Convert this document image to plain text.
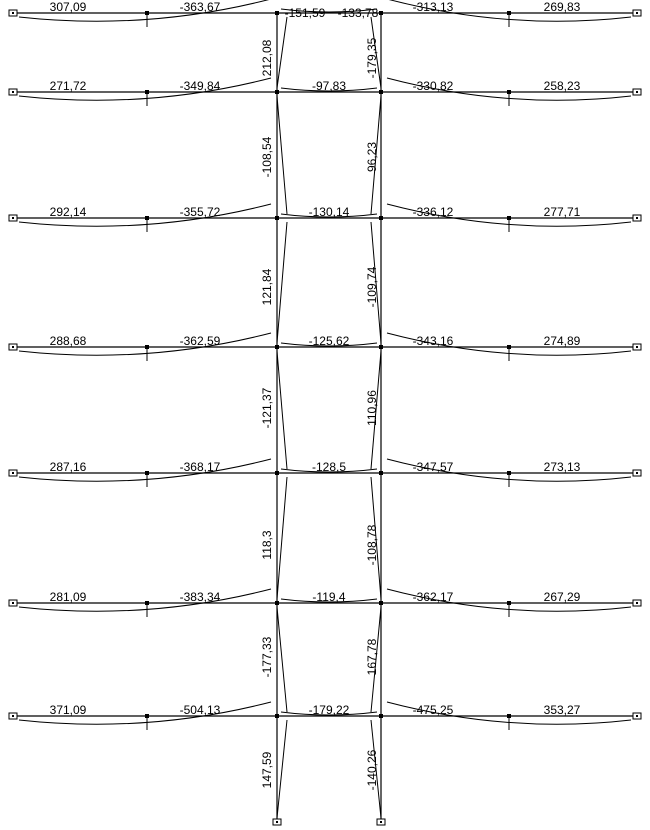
307,09	-363,67	-151,59 -133,78	-313,13	269,83
271,72	-349,84	-97,83	-330,82	258,23
292,14	-355,72	-130,14	-336,12	277,71
288,68	-362,59	-125,62	-343,16	274,89
287,16	-368,17	-128,5	-347,57	273,13
281,09	-383,34	-119,4	-362,17	267,29
371,09	-504,13	-179,22	-475,25	353,27
212,08	-179,35
-108,54	96,23
121,84	-109,74
-121,37	110,96
118,3	-108,78
-177,33	167,78
147,59	-140,26
